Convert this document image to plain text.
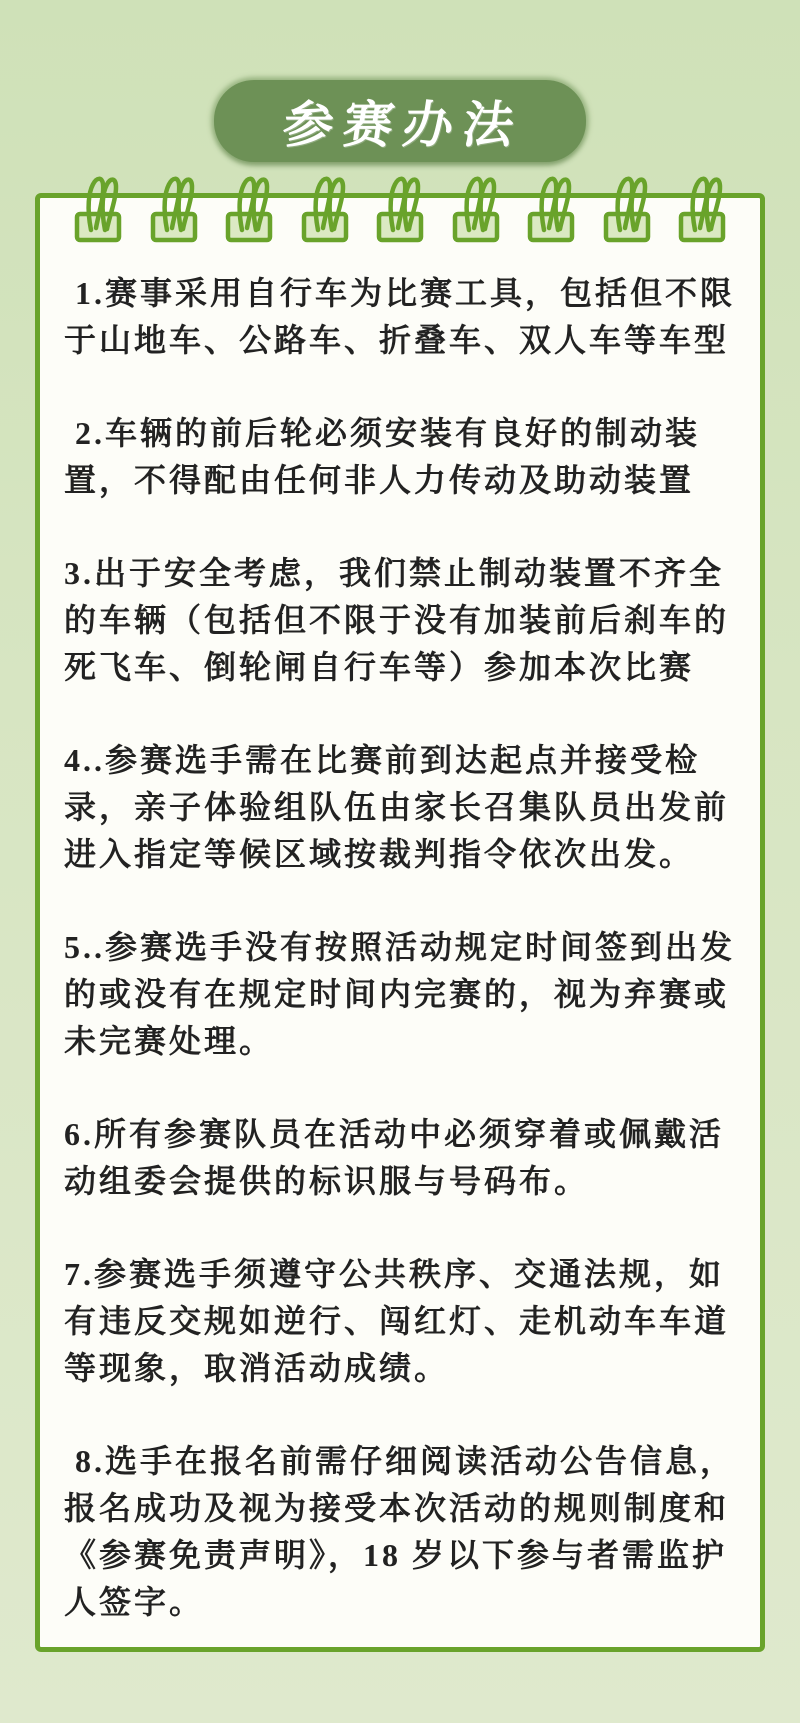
参赛办法

1.赛事采用自行车为比赛工具，包括但不限于山地车、公路车、折叠车、双人车等车型

2.车辆的前后轮必须安装有良好的制动装置，不得配由任何非人力传动及助动装置

3.出于安全考虑，我们禁止制动装置不齐全的车辆（包括但不限于没有加装前后刹车的死飞车、倒轮闸自行车等）参加本次比赛

4..参赛选手需在比赛前到达起点并接受检录，亲子体验组队伍由家长召集队员出发前进入指定等候区域按裁判指令依次出发。

5..参赛选手没有按照活动规定时间签到出发的或没有在规定时间内完赛的，视为弃赛或未完赛处理。

6.所有参赛队员在活动中必须穿着或佩戴活动组委会提供的标识服与号码布。

7.参赛选手须遵守公共秩序、交通法规，如有违反交规如逆行、闯红灯、走机动车车道等现象，取消活动成绩。

8.选手在报名前需仔细阅读活动公告信息，报名成功及视为接受本次活动的规则制度和《参赛免责声明》，18 岁以下参与者需监护人签字。
